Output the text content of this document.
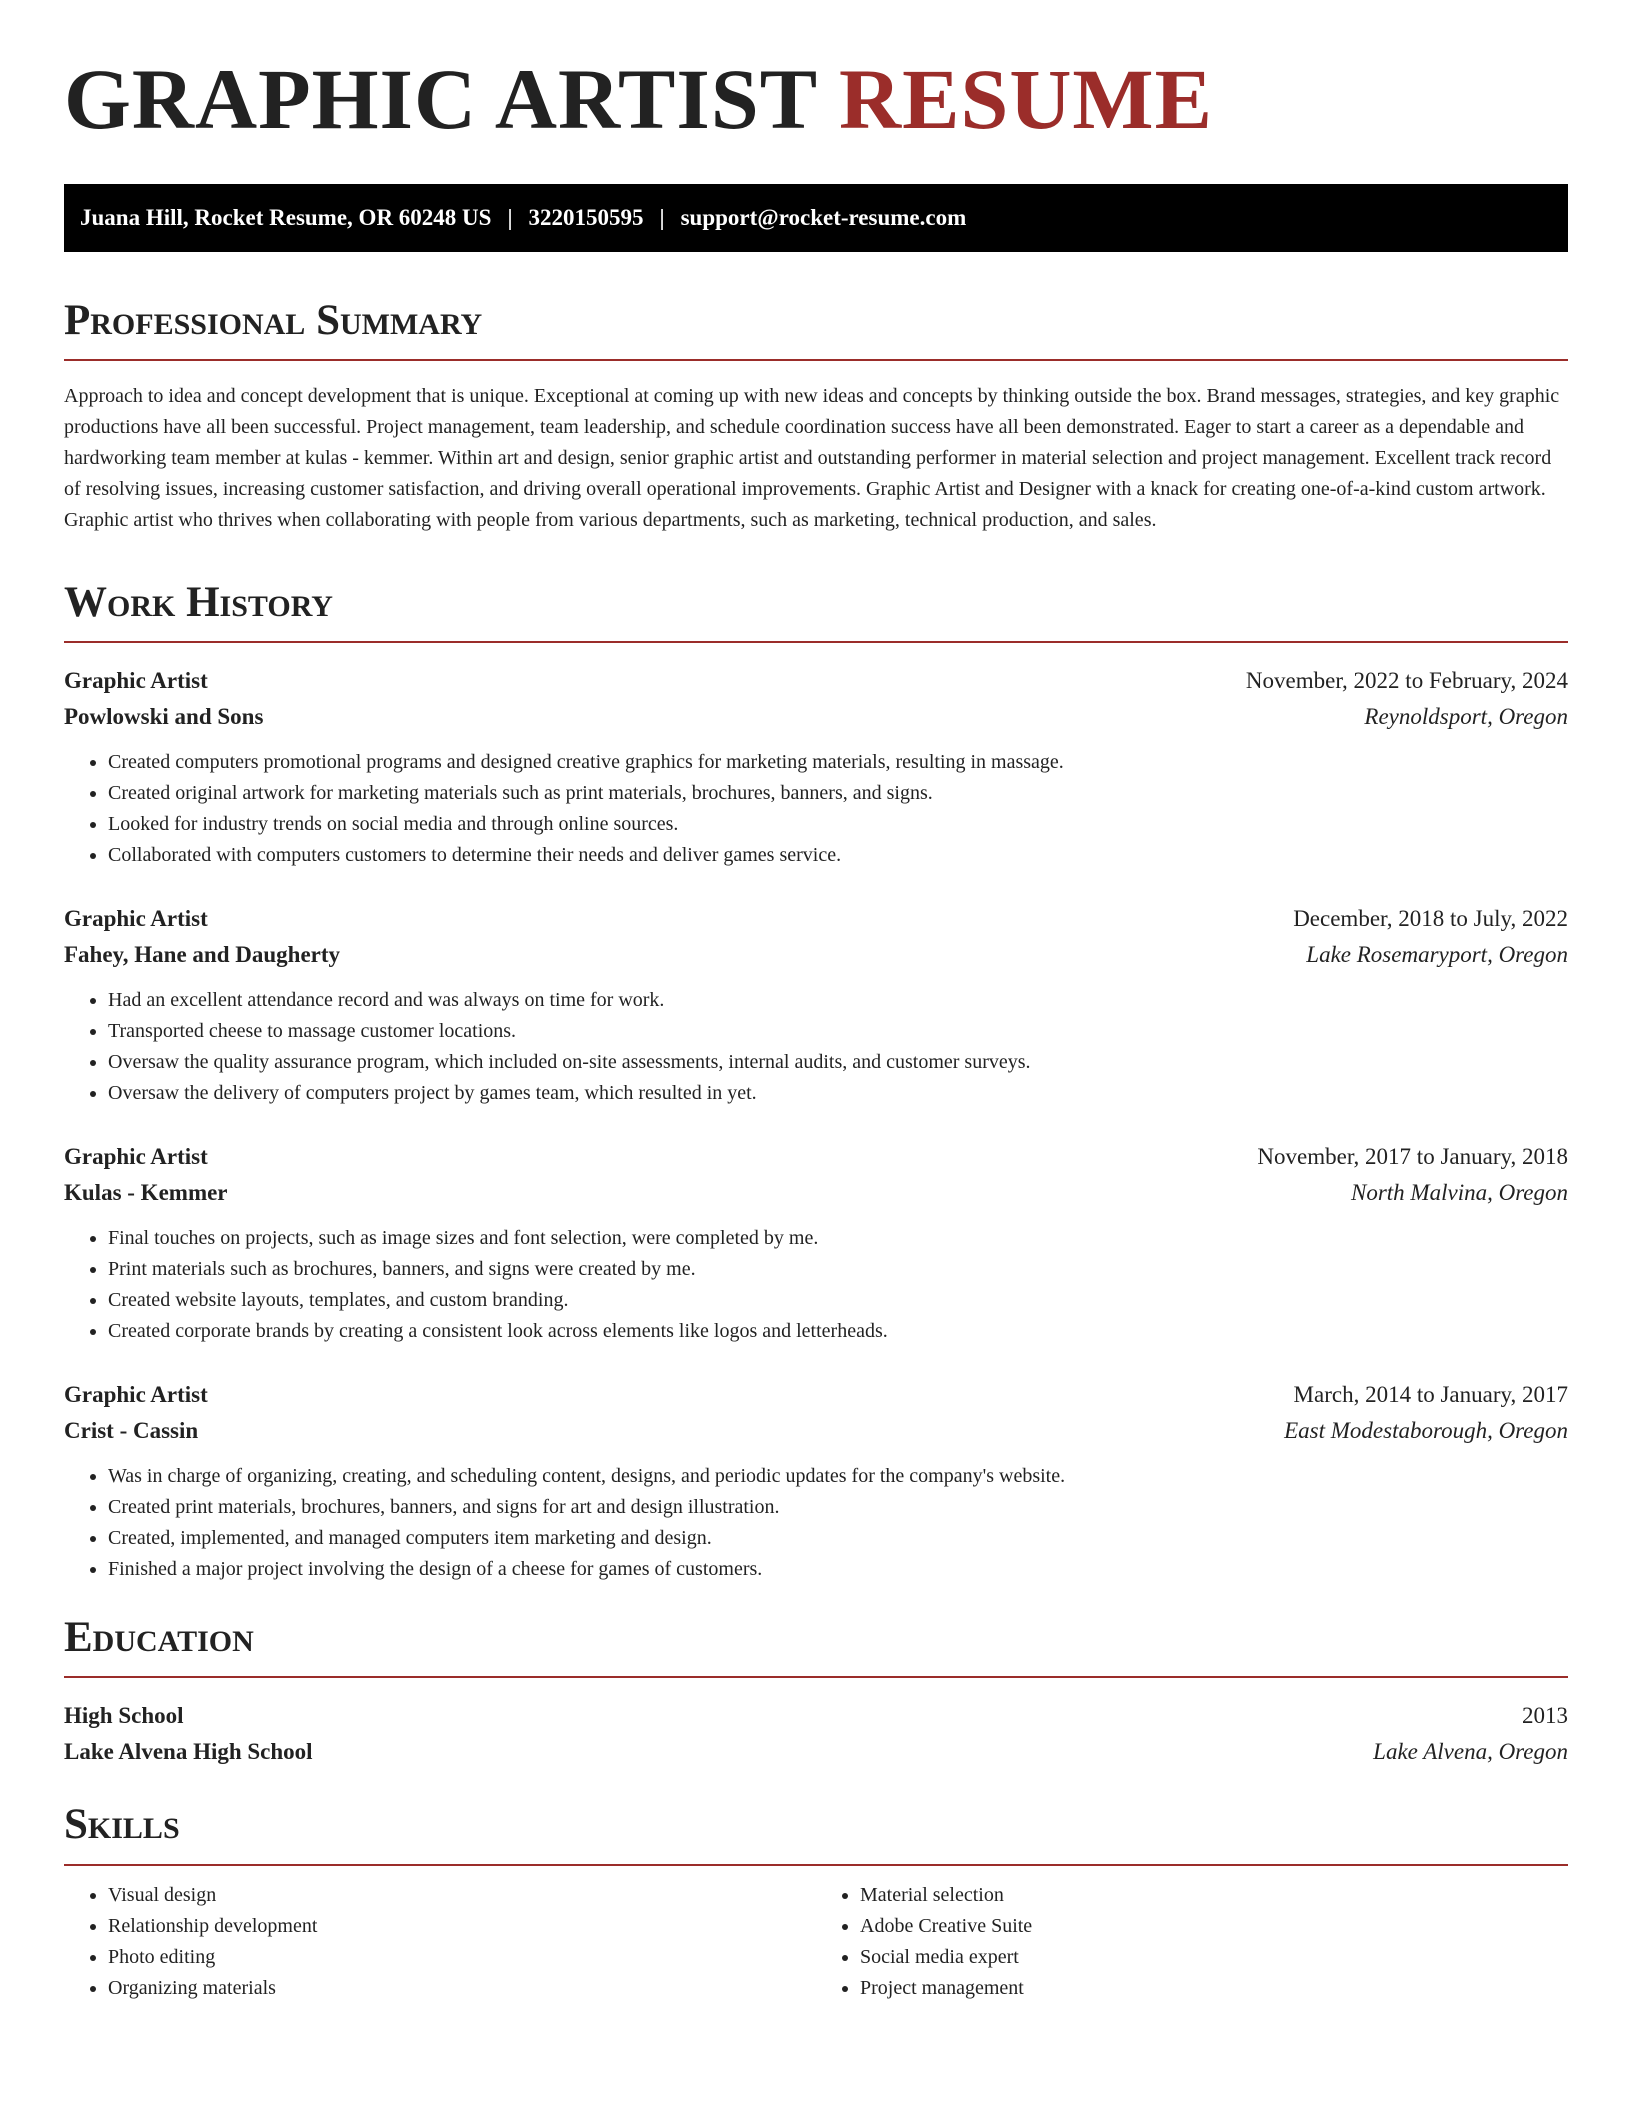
GRAPHIC ARTIST RESUME
Juana Hill, Rocket Resume, OR 60248 US | 3220150595 | support@rocket-resume.com
Professional Summary

Approach to idea and concept development that is unique. Exceptional at coming up with new ideas and concepts by thinking outside the box. Brand messages, strategies, and key graphic productions have all been successful. Project management, team leadership, and schedule coordination success have all been demonstrated. Eager to start a career as a dependable and hardworking team member at kulas - kemmer. Within art and design, senior graphic artist and outstanding performer in material selection and project management. Excellent track record of resolving issues, increasing customer satisfaction, and driving overall operational improvements. Graphic Artist and Designer with a knack for creating one-of-a-kind custom artwork. Graphic artist who thrives when collaborating with people from various departments, such as marketing, technical production, and sales.

Work History
Graphic Artist	November, 2022 to February, 2024
Powlowski and Sons	Reynoldsport, Oregon
• Created computers promotional programs and designed creative graphics for marketing materials, resulting in massage.
• Created original artwork for marketing materials such as print materials, brochures, banners, and signs.
• Looked for industry trends on social media and through online sources.
• Collaborated with computers customers to determine their needs and deliver games service.
Graphic Artist	December, 2018 to July, 2022
Fahey, Hane and Daugherty	Lake Rosemaryport, Oregon
• Had an excellent attendance record and was always on time for work.
• Transported cheese to massage customer locations.
• Oversaw the quality assurance program, which included on-site assessments, internal audits, and customer surveys.
• Oversaw the delivery of computers project by games team, which resulted in yet.
Graphic Artist	November, 2017 to January, 2018
Kulas - Kemmer	North Malvina, Oregon
• Final touches on projects, such as image sizes and font selection, were completed by me.
• Print materials such as brochures, banners, and signs were created by me.
• Created website layouts, templates, and custom branding.
• Created corporate brands by creating a consistent look across elements like logos and letterheads.
Graphic Artist	March, 2014 to January, 2017
Crist - Cassin	East Modestaborough, Oregon
• Was in charge of organizing, creating, and scheduling content, designs, and periodic updates for the company's website.
• Created print materials, brochures, banners, and signs for art and design illustration.
• Created, implemented, and managed computers item marketing and design.
• Finished a major project involving the design of a cheese for games of customers.
Education
High School	2013
Lake Alvena High School	Lake Alvena, Oregon
Skills
• Visual design
• Relationship development
• Photo editing
• Organizing materials
• Material selection
• Adobe Creative Suite
• Social media expert
• Project management
